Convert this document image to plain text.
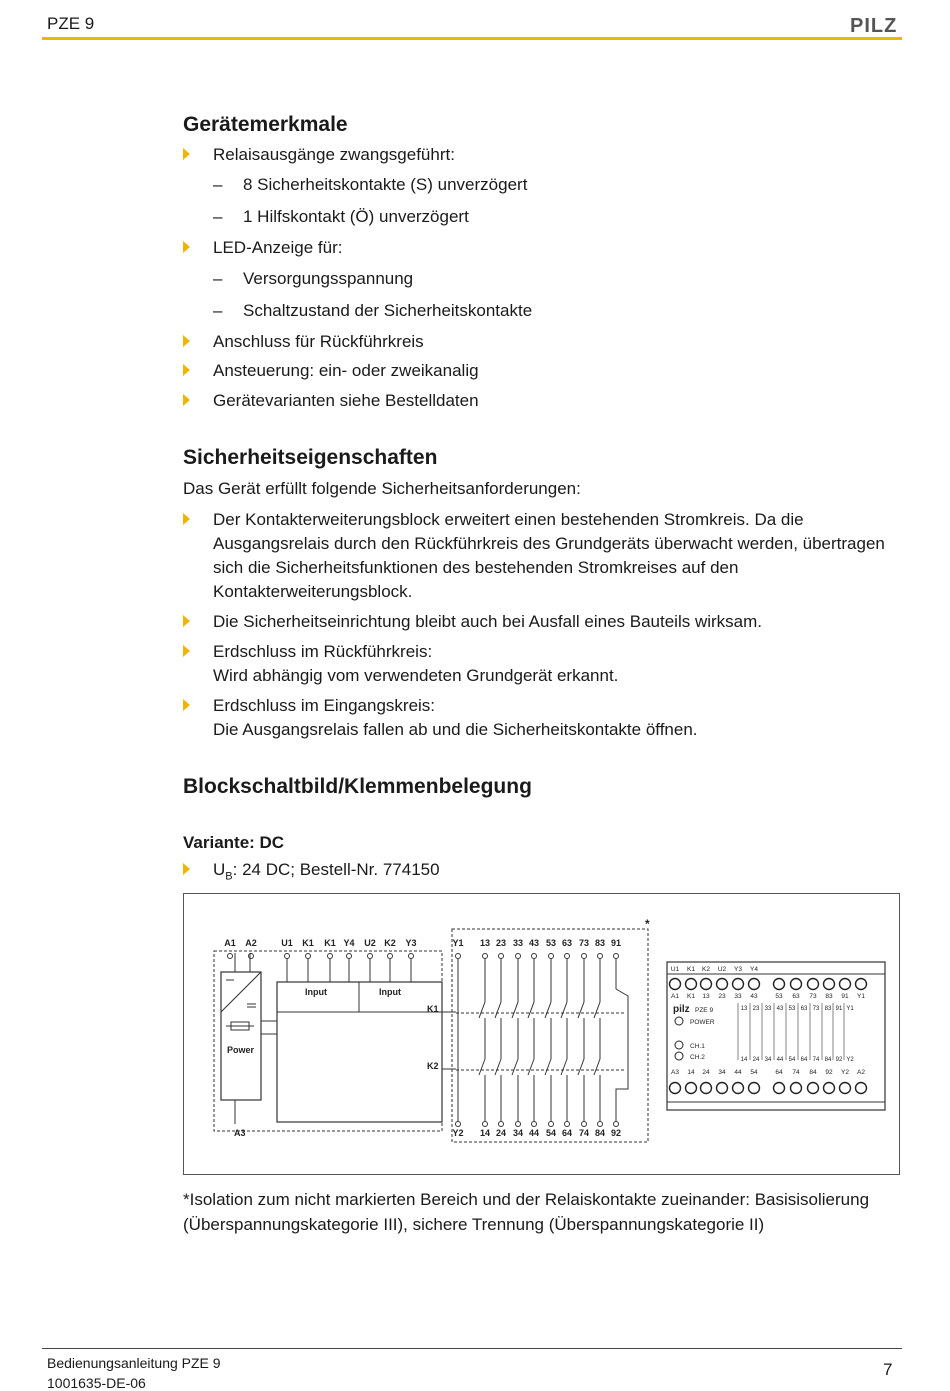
PZE 9	PILZ
Gerätemerkmale
Relaisausgänge zwangsgeführt:
– 8 Sicherheitskontakte (S) unverzögert
– 1 Hilfskontakt (Ö) unverzögert
LED-Anzeige für:
– Versorgungsspannung
– Schaltzustand der Sicherheitskontakte
Anschluss für Rückführkreis
Ansteuerung: ein- oder zweikanalig
Gerätevarianten siehe Bestelldaten
Sicherheitseigenschaften
Das Gerät erfüllt folgende Sicherheitsanforderungen:
Der Kontakterweiterungsblock erweitert einen bestehenden Stromkreis. Da die Ausgangsrelais durch den Rückführkreis des Grundgeräts überwacht werden, übertragen sich die Sicherheitsfunktionen des bestehenden Stromkreises auf den Kontakterweiterungsblock.
Die Sicherheitseinrichtung bleibt auch bei Ausfall eines Bauteils wirksam.
Erdschluss im Rückführkreis:
Wird abhängig vom verwendeten Grundgerät erkannt.
Erdschluss im Eingangskreis:
Die Ausgangsrelais fallen ab und die Sicherheitskontakte öffnen.
Blockschaltbild/Klemmenbelegung
Variante: DC
$U_B$: 24 DC; Bestell-Nr. 774150
A1 A2	U1 K1 K1 Y4 U2 K2 Y3	Y1 13 23 33 43 53 63 73 83 91
Y2 14 24 34 44 54 64 74 84 92
A3
*
Power
Input	Input
K1
K2
U1 K1 K2 U2 Y3 Y4
A1 K1 13 23 33 43	53 63 73 83 91 Y1
pilz PZE 9
POWER
CH.1
CH.2
13 23 33 43 53 63 73 83 91 Y1
14 24 34 44 54 64 74 84 92 Y2
A3 14 24 34 44 54	64 74 84 92 Y2 A2
*Isolation zum nicht markierten Bereich und der Relaiskontakte zueinander: Basisisolierung (Überspannungskategorie III), sichere Trennung (Überspannungskategorie II)
Bedienungsanleitung PZE 9
1001635-DE-06
7
